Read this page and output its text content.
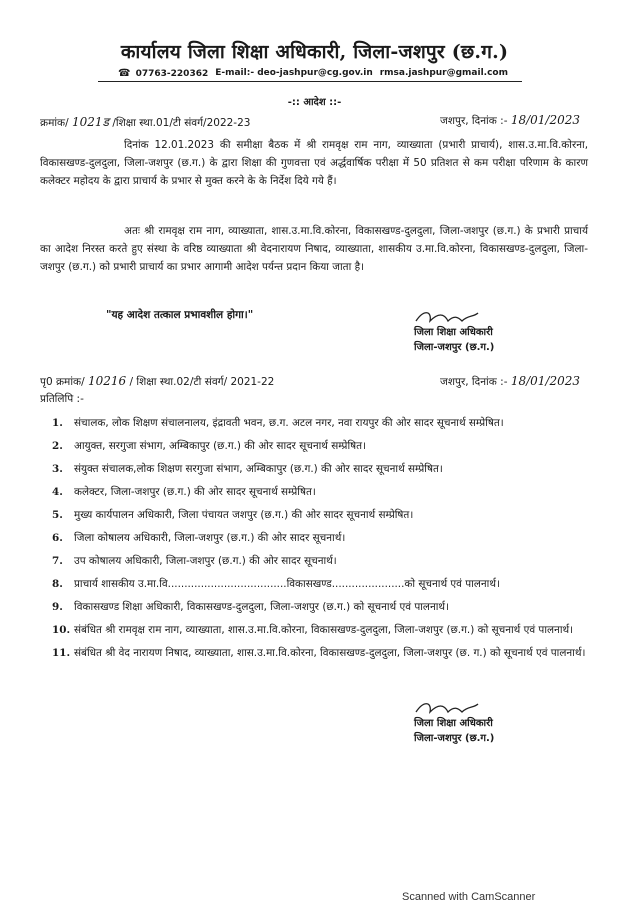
कार्यालय जिला शिक्षा अधिकारी, जिला-जशपुर (छ.ग.)
☎ 07763-220362 E-mail:- deo-jashpur@cg.gov.in rmsa.jashpur@gmail.com
-:: आदेश ::-
क्रमांक/ 1021ड /शिक्षा स्था.01/टी संवर्ग/2022-23	जशपुर, दिनांक :- 18/01/2023
दिनांक 12.01.2023 की समीक्षा बैठक में श्री रामवृक्ष राम नाग, व्याख्याता (प्रभारी प्राचार्य), शास.उ.मा.वि.कोरना, विकासखण्ड-दुलदुला, जिला-जशपुर (छ.ग.) के द्वारा शिक्षा की गुणवत्ता एवं अर्द्धवार्षिक परीक्षा में 50 प्रतिशत से कम परीक्षा परिणाम के कारण कलेक्टर महोदय के द्वारा प्राचार्य के प्रभार से मुक्त करने के के निर्देश दिये गये हैं।
अतः श्री रामवृक्ष राम नाग, व्याख्याता, शास.उ.मा.वि.कोरना, विकासखण्ड-दुलदुला, जिला-जशपुर (छ.ग.) के प्रभारी प्राचार्य का आदेश निरस्त करते हुए संस्था के वरिष्ठ व्याख्याता श्री वेदनारायण निषाद, व्याख्याता, शासकीय उ.मा.वि.कोरना, विकासखण्ड-दुलदुला, जिला-जशपुर (छ.ग.) को प्रभारी प्राचार्य का प्रभार आगामी आदेश पर्यन्त प्रदान किया जाता है।
"यह आदेश तत्काल प्रभावशील होगा।"
जिला शिक्षा अधिकारी
जिला-जशपुर (छ.ग.)
पृ0 क्रमांक/ 10216 / शिक्षा स्था.02/टी संवर्ग/ 2021-22	जशपुर, दिनांक :- 18/01/2023
प्रतिलिपि :-
1. संचालक, लोक शिक्षण संचालनालय, इंद्रावती भवन, छ.ग. अटल नगर, नवा रायपुर की ओर सादर सूचनार्थ सम्प्रेषित।
2. आयुक्त, सरगुजा संभाग, अम्बिकापुर (छ.ग.) की ओर सादर सूचनार्थ सम्प्रेषित।
3. संयुक्त संचालक,लोक शिक्षण सरगुजा संभाग, अम्बिकापुर (छ.ग.) की ओर सादर सूचनार्थ सम्प्रेषित।
4. कलेक्टर, जिला-जशपुर (छ.ग.) की ओर सादर सूचनार्थ सम्प्रेषित।
5. मुख्य कार्यपालन अधिकारी, जिला पंचायत जशपुर (छ.ग.) की ओर सादर सूचनार्थ सम्प्रेषित।
6. जिला कोषालय अधिकारी, जिला-जशपुर (छ.ग.) की ओर सादर सूचनार्थ।
7. उप कोषालय अधिकारी, जिला-जशपुर (छ.ग.) की ओर सादर सूचनार्थ।
8. प्राचार्य शासकीय उ.मा.वि....................................विकासखण्ड......................को सूचनार्थ एवं पालनार्थ।
9. विकासखण्ड शिक्षा अधिकारी, विकासखण्ड-दुलदुला, जिला-जशपुर (छ.ग.) को सूचनार्थ एवं पालनार्थ।
10. संबंधित श्री रामवृक्ष राम नाग, व्याख्याता, शास.उ.मा.वि.कोरना, विकासखण्ड-दुलदुला, जिला-जशपुर (छ.ग.) को सूचनार्थ एवं पालनार्थ।
11. संबंधित श्री वेद नारायण निषाद, व्याख्याता, शास.उ.मा.वि.कोरना, विकासखण्ड-दुलदुला, जिला-जशपुर (छ. ग.) को सूचनार्थ एवं पालनार्थ।
जिला शिक्षा अधिकारी
जिला-जशपुर (छ.ग.)
Scanned with CamScanner
